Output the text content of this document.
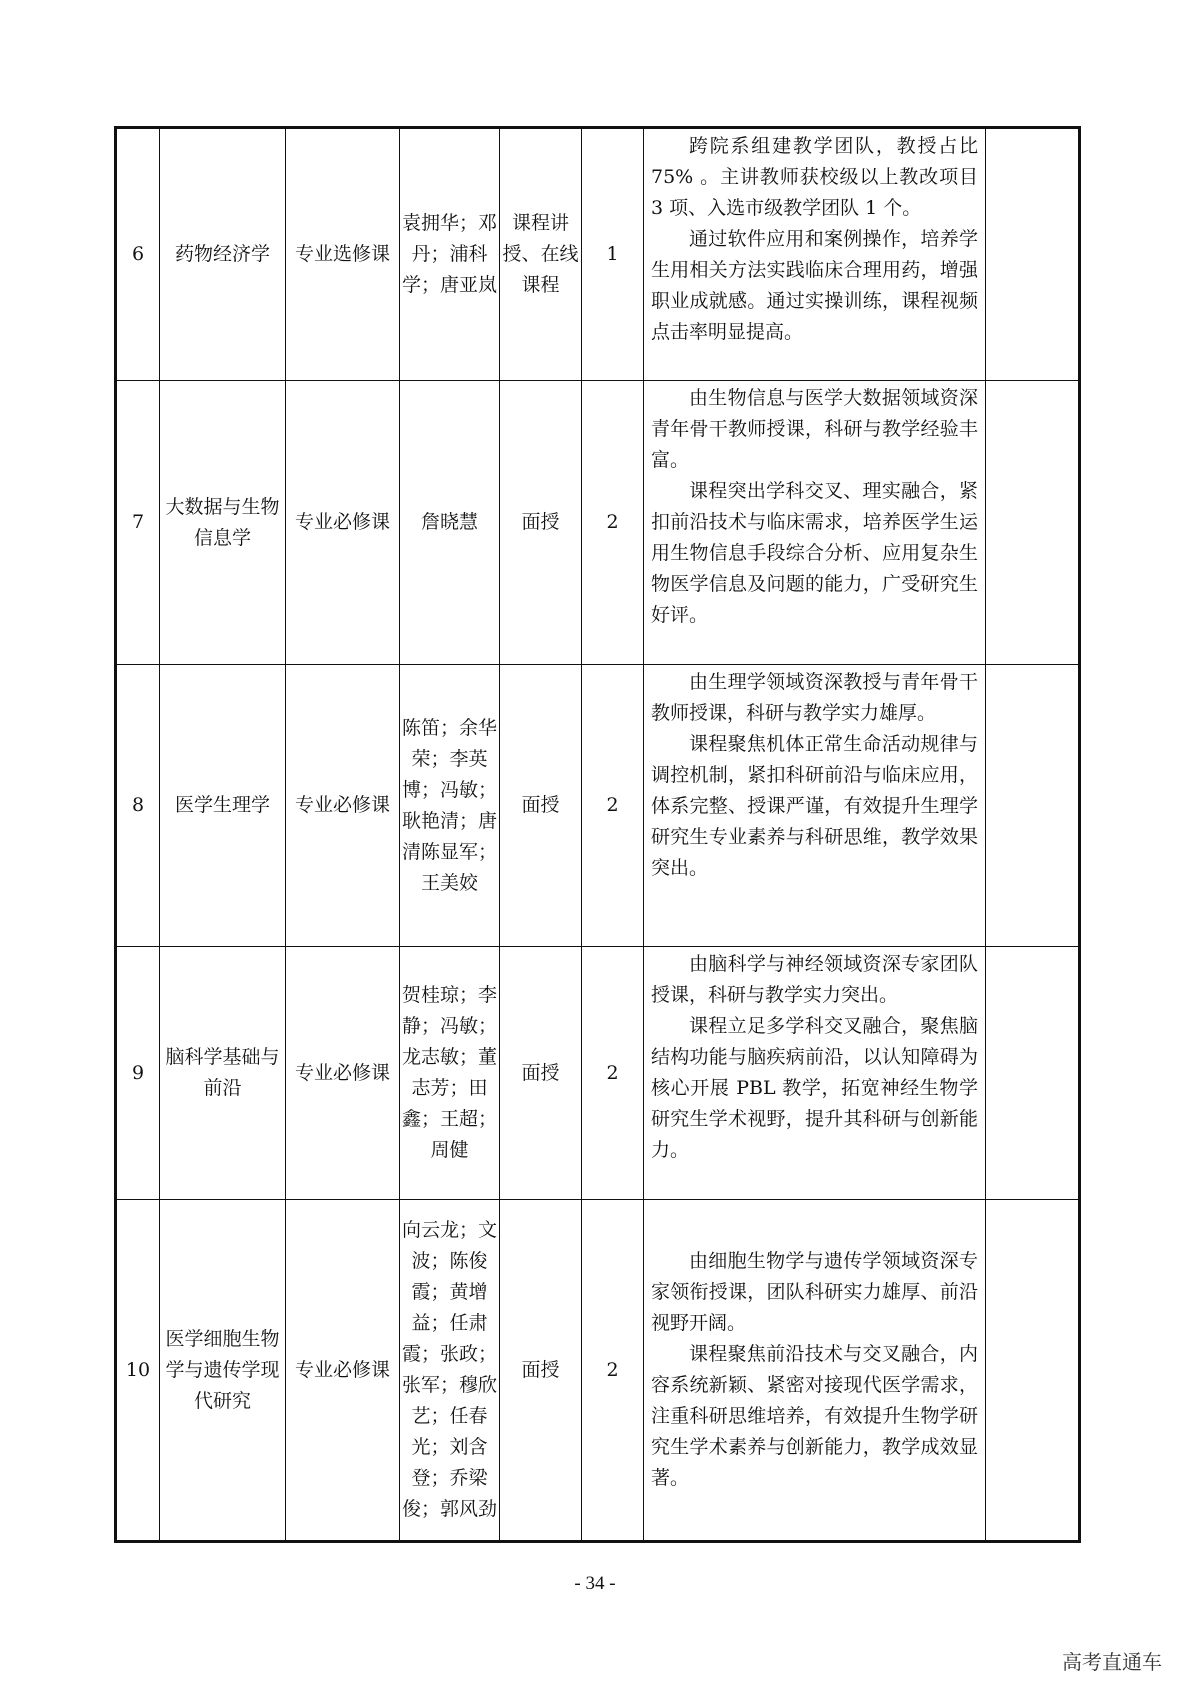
6	药物经济学	专业选修课	袁拥华；邓丹；浦科学；唐亚岚	课程讲授、在线课程	1	跨院系组建教学团队，教授占比 75% 。主讲教师获校级以上教改项目 3 项、入选市级教学团队 1 个。

通过软件应用和案例操作，培养学生用相关方法实践临床合理用药，增强职业成就感。通过实操训练，课程视频点击率明显提高。	

7	大数据与生物信息学	专业必修课	詹晓慧	面授	2	由生物信息与医学大数据领域资深青年骨干教师授课，科研与教学经验丰富。

课程突出学科交叉、理实融合，紧扣前沿技术与临床需求，培养医学生运用生物信息手段综合分析、应用复杂生物医学信息及问题的能力，广受研究生好评。	

8	医学生理学	专业必修课	陈笛；余华荣；李英博；冯敏；耿艳清；唐清陈显军；王美姣	面授	2	由生理学领域资深教授与青年骨干教师授课，科研与教学实力雄厚。

课程聚焦机体正常生命活动规律与调控机制，紧扣科研前沿与临床应用，体系完整、授课严谨，有效提升生理学研究生专业素养与科研思维，教学效果突出。	

9	脑科学基础与前沿	专业必修课	贺桂琼；李静；冯敏；龙志敏；董志芳；田鑫；王超；周健	面授	2	由脑科学与神经领域资深专家团队授课，科研与教学实力突出。

课程立足多学科交叉融合，聚焦脑结构功能与脑疾病前沿，以认知障碍为核心开展 PBL 教学，拓宽神经生物学研究生学术视野，提升其科研与创新能力。	

10	医学细胞生物学与遗传学现代研究	专业必修课	向云龙；文波；陈俊霞；黄增益；任肃霞；张政；张军；穆欣艺；任春光；刘含登；乔梁俊；郭风劲	面授	2	由细胞生物学与遗传学领域资深专家领衔授课，团队科研实力雄厚、前沿视野开阔。

课程聚焦前沿技术与交叉融合，内容系统新颖、紧密对接现代医学需求，注重科研思维培养，有效提升生物学研究生学术素养与创新能力，教学成效显著。	

- 34 -
高考直通车
